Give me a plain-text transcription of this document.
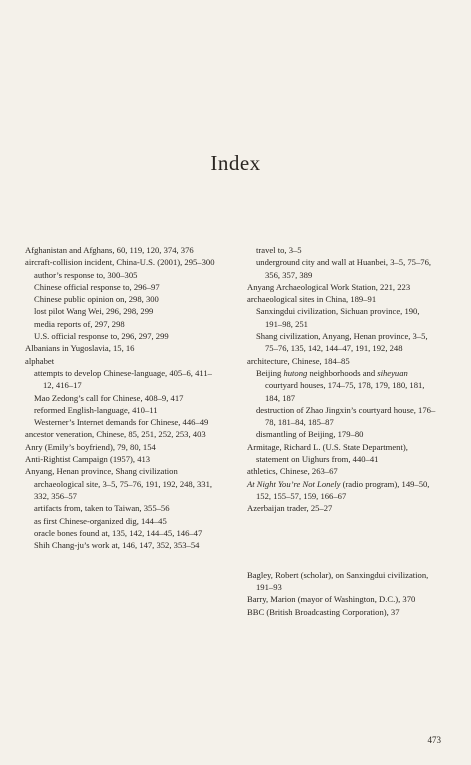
Index

Afghanistan and Afghans, 60, 119, 120, 374, 376

aircraft-collision incident, China-U.S. (2001), 295–300

author’s response to, 300–305

Chinese official response to, 296–97

Chinese public opinion on, 298, 300

lost pilot Wang Wei, 296, 298, 299

media reports of, 297, 298

U.S. official response to, 296, 297, 299

Albanians in Yugoslavia, 15, 16

alphabet

attempts to develop Chinese-language, 405–6, 411–12, 416–17

Mao Zedong’s call for Chinese, 408–9, 417

reformed English-language, 410–11

Westerner’s Internet demands for Chinese, 446–49

ancestor veneration, Chinese, 85, 251, 252, 253, 403

Anry (Emily’s boyfriend), 79, 80, 154

Anti-Rightist Campaign (1957), 413

Anyang, Henan province, Shang civilization archaeological site, 3–5, 75–76, 191, 192, 248, 331, 332, 356–57

artifacts from, taken to Taiwan, 355–56

as first Chinese-organized dig, 144–45

oracle bones found at, 135, 142, 144–45, 146–47

Shih Chang-ju’s work at, 146, 147, 352, 353–54

travel to, 3–5

underground city and wall at Huanbei, 3–5, 75–76, 356, 357, 389

Anyang Archaeological Work Station, 221, 223

archaeological sites in China, 189–91

Sanxingdui civilization, Sichuan province, 190, 191–98, 251

Shang civilization, Anyang, Henan province, 3–5, 75–76, 135, 142, 144–47, 191, 192, 248

architecture, Chinese, 184–85

Beijing hutong neighborhoods and siheyuan courtyard houses, 174–75, 178, 179, 180, 181, 184, 187

destruction of Zhao Jingxin’s courtyard house, 176–78, 181–84, 185–87

dismantling of Beijing, 179–80

Armitage, Richard L. (U.S. State Department), statement on Uighurs from, 440–41

athletics, Chinese, 263–67

At Night You’re Not Lonely (radio program), 149–50, 152, 155–57, 159, 166–67

Azerbaijan trader, 25–27

Bagley, Robert (scholar), on Sanxingdui civilization, 191–93

Barry, Marion (mayor of Washington, D.C.), 370

BBC (British Broadcasting Corporation), 37

473
